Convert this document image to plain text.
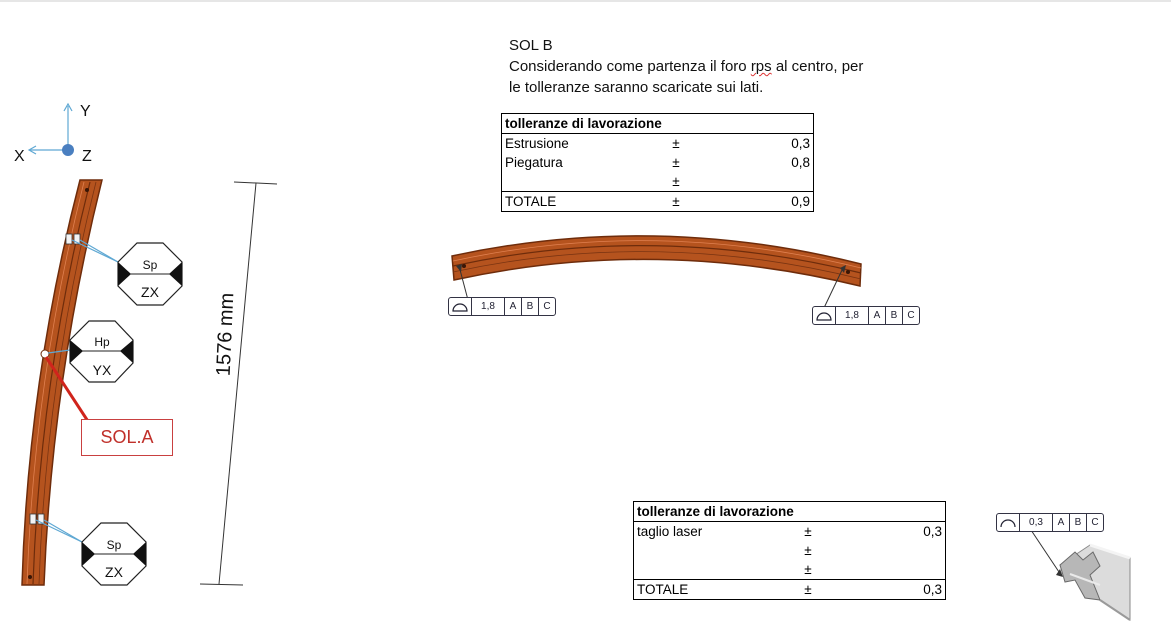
Y
X	Z
Sp
ZX
Hp
YX
Sp
ZX
1576 mm
SOL.A
SOL B
Considerando come partenza il foro rps al centro, per
le tolleranze saranno scaricate sui lati.
tolleranze di lavorazione		
Estrusione	±	0,3
Piegatura	±	0,8
	±	
TOTALE	±	0,9
tolleranze di lavorazione		
taglio laser	±	0,3
	±	
	±	
TOTALE	±	0,3
1,8	A	B	C
1,8	A	B	C
0,3	A	B	C
